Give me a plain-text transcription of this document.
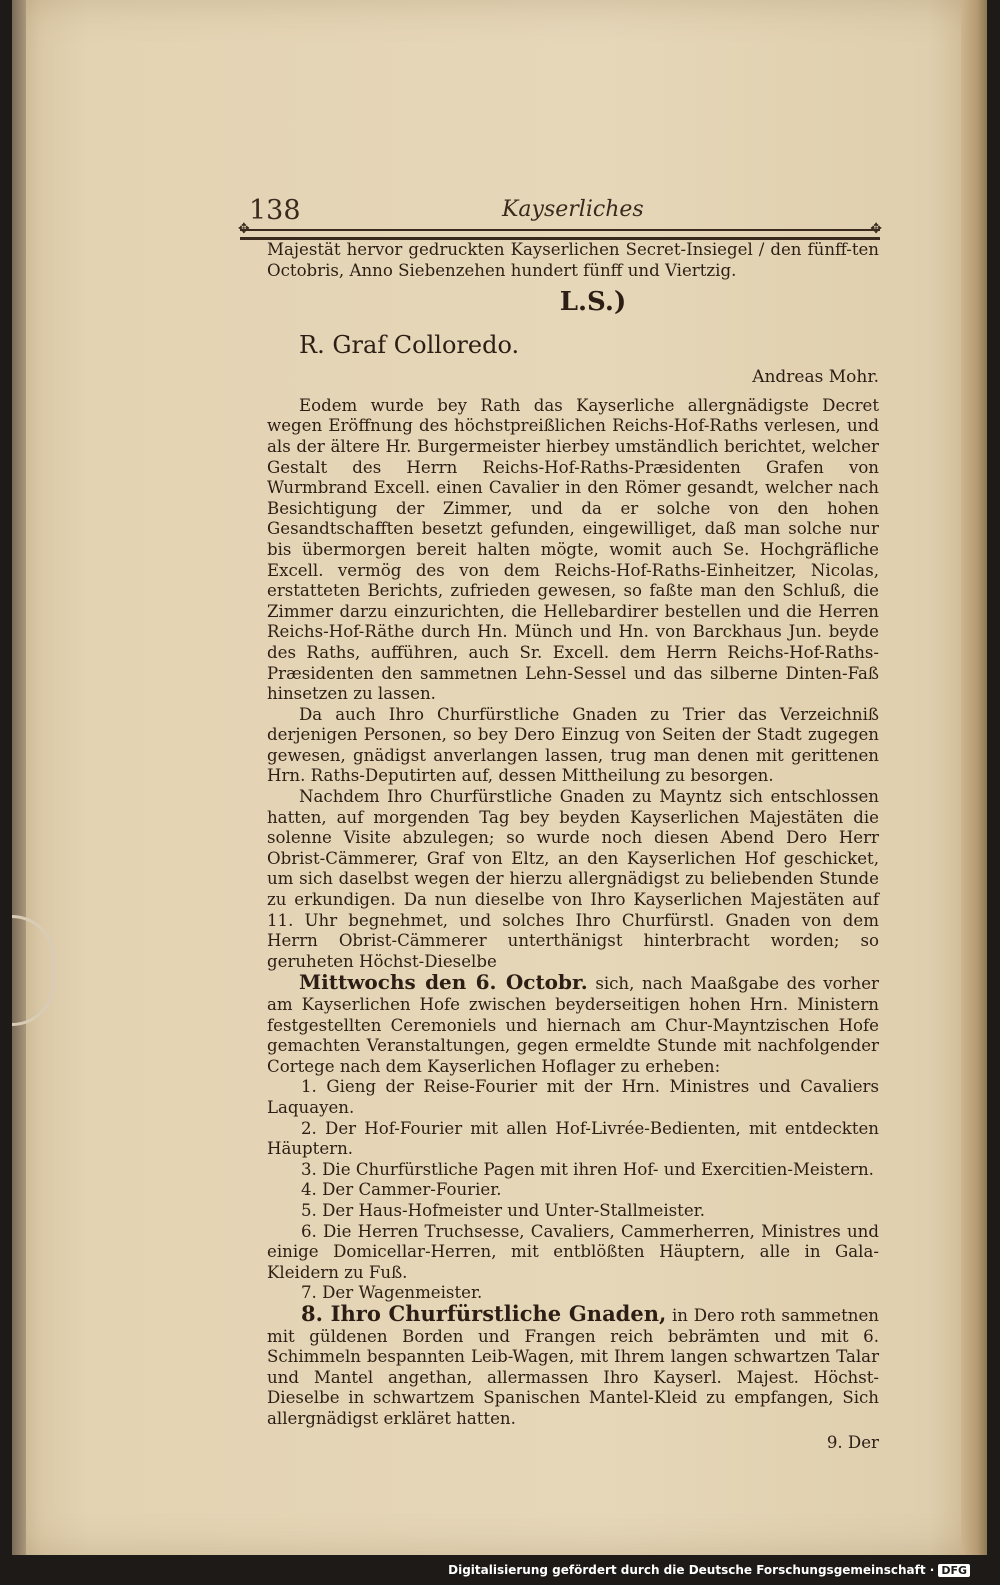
138	Kayserliches
✥ ✥

Majestät hervor gedruckten Kayserlichen Secret-Insiegel / den fünff-ten Octobris, Anno Siebenzehen hundert fünff und Viertzig.

L.S.)

R. Graf Colloredo.

Andreas Mohr.

Eodem wurde bey Rath das Kayserliche allergnädigste Decret wegen Eröffnung des höchstpreißlichen Reichs-Hof-Raths verlesen, und als der ältere Hr. Burgermeister hierbey umständlich berichtet, welcher Gestalt des Herrn Reichs-Hof-Raths-Præsidenten Grafen von Wurmbrand Excell. einen Cavalier in den Römer gesandt, welcher nach Besichtigung der Zimmer, und da er solche von den hohen Gesandtschafften besetzt gefunden, eingewilliget, daß man solche nur bis übermorgen bereit halten mögte, womit auch Se. Hochgräfliche Excell. vermög des von dem Reichs-Hof-Raths-Einheitzer, Nicolas, erstatteten Berichts, zufrieden gewesen, so faßte man den Schluß, die Zimmer darzu einzurichten, die Hellebardirer bestellen und die Herren Reichs-Hof-Räthe durch Hn. Münch und Hn. von Barckhaus Jun. beyde des Raths, aufführen, auch Sr. Excell. dem Herrn Reichs-Hof-Raths-Præsidenten den sammetnen Lehn-Sessel und das silberne Dinten-Faß hinsetzen zu lassen.

Da auch Ihro Churfürstliche Gnaden zu Trier das Verzeichniß derjenigen Personen, so bey Dero Einzug von Seiten der Stadt zugegen gewesen, gnädigst anverlangen lassen, trug man denen mit gerittenen Hrn. Raths-Deputirten auf, dessen Mittheilung zu besorgen.

Nachdem Ihro Churfürstliche Gnaden zu Mayntz sich entschlossen hatten, auf morgenden Tag bey beyden Kayserlichen Majestäten die solenne Visite abzulegen; so wurde noch diesen Abend Dero Herr Obrist-Cämmerer, Graf von Eltz, an den Kayserlichen Hof geschicket, um sich daselbst wegen der hierzu allergnädigst zu beliebenden Stunde zu erkundigen. Da nun dieselbe von Ihro Kayserlichen Majestäten auf 11. Uhr begnehmet, und solches Ihro Churfürstl. Gnaden von dem Herrn Obrist-Cämmerer unterthänigst hinterbracht worden; so geruheten Höchst-Dieselbe

Mittwochs den 6. Octobr. sich, nach Maaßgabe des vorher am Kayserlichen Hofe zwischen beyderseitigen hohen Hrn. Ministern festgestellten Ceremoniels und hiernach am Chur-Mayntzischen Hofe gemachten Veranstaltungen, gegen ermeldte Stunde mit nachfolgender Cortege nach dem Kayserlichen Hoflager zu erheben:

1. Gieng der Reise-Fourier mit der Hrn. Ministres und Cavaliers Laquayen.

2. Der Hof-Fourier mit allen Hof-Livrée-Bedienten, mit entdeckten Häuptern.

3. Die Churfürstliche Pagen mit ihren Hof- und Exercitien-Meistern.

4. Der Cammer-Fourier.

5. Der Haus-Hofmeister und Unter-Stallmeister.

6. Die Herren Truchsesse, Cavaliers, Cammerherren, Ministres und einige Domicellar-Herren, mit entblößten Häuptern, alle in Gala-Kleidern zu Fuß.

7. Der Wagenmeister.

8. Ihro Churfürstliche Gnaden, in Dero roth sammetnen mit güldenen Borden und Frangen reich bebrämten und mit 6. Schimmeln bespannten Leib-Wagen, mit Ihrem langen schwartzen Talar und Mantel angethan, allermassen Ihro Kayserl. Majest. Höchst-Dieselbe in schwartzem Spanischen Mantel-Kleid zu empfangen, Sich allergnädigst erkläret hatten.

9. Der

Digitalisierung gefördert durch die Deutsche Forschungsgemeinschaft · DFG
